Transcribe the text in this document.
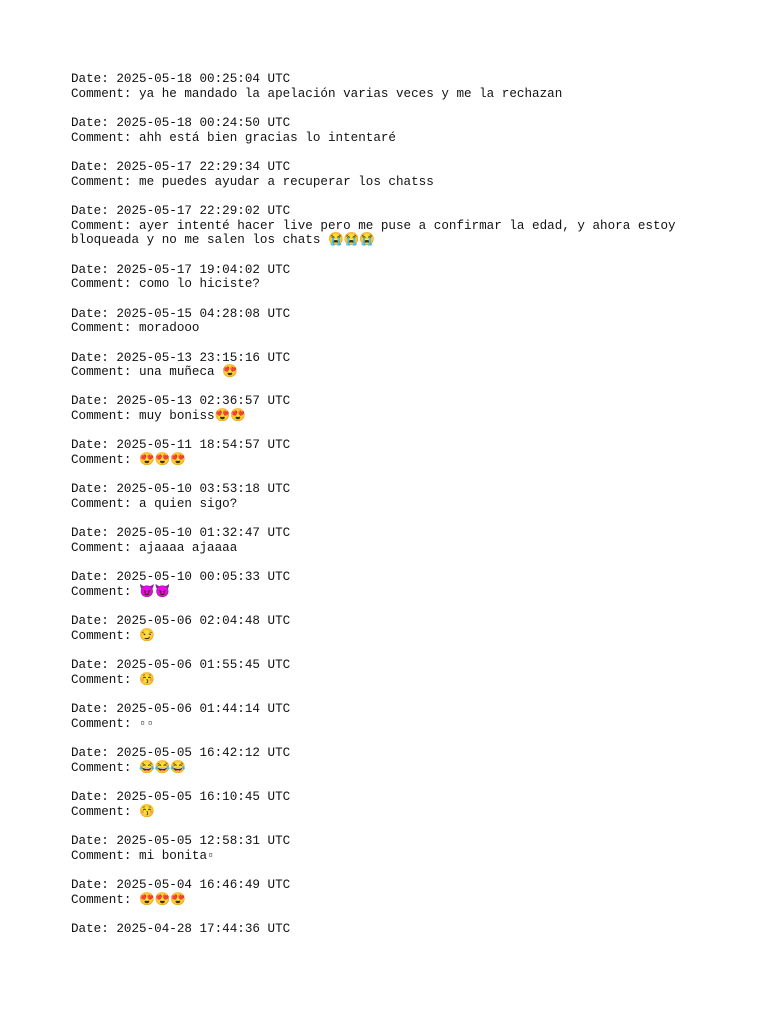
Date: 2025-05-18 00:25:04 UTC
Comment: ya he mandado la apelación varias veces y me la rechazan
Date: 2025-05-18 00:24:50 UTC
Comment: ahh está bien gracias lo intentaré
Date: 2025-05-17 22:29:34 UTC
Comment: me puedes ayudar a recuperar los chatss
Date: 2025-05-17 22:29:02 UTC
Comment: ayer intenté hacer live pero me puse a confirmar la edad, y ahora estoy bloqueada y no me salen los chats 😭😭😭
Date: 2025-05-17 19:04:02 UTC
Comment: como lo hiciste?
Date: 2025-05-15 04:28:08 UTC
Comment: moradooo
Date: 2025-05-13 23:15:16 UTC
Comment: una muñeca 😍
Date: 2025-05-13 02:36:57 UTC
Comment: muy boniss😍😍
Date: 2025-05-11 18:54:57 UTC
Comment: 😍😍😍
Date: 2025-05-10 03:53:18 UTC
Comment: a quien sigo?
Date: 2025-05-10 01:32:47 UTC
Comment: ajaaaa ajaaaa
Date: 2025-05-10 00:05:33 UTC
Comment: 😈😈
Date: 2025-05-06 02:04:48 UTC
Comment: 😏
Date: 2025-05-06 01:55:45 UTC
Comment: 😚
Date: 2025-05-06 01:44:14 UTC
Comment: ▫▫
Date: 2025-05-05 16:42:12 UTC
Comment: 😂😂😂
Date: 2025-05-05 16:10:45 UTC
Comment: 😚
Date: 2025-05-05 12:58:31 UTC
Comment: mi bonita▫
Date: 2025-05-04 16:46:49 UTC
Comment: 😍😍😍
Date: 2025-04-28 17:44:36 UTC
